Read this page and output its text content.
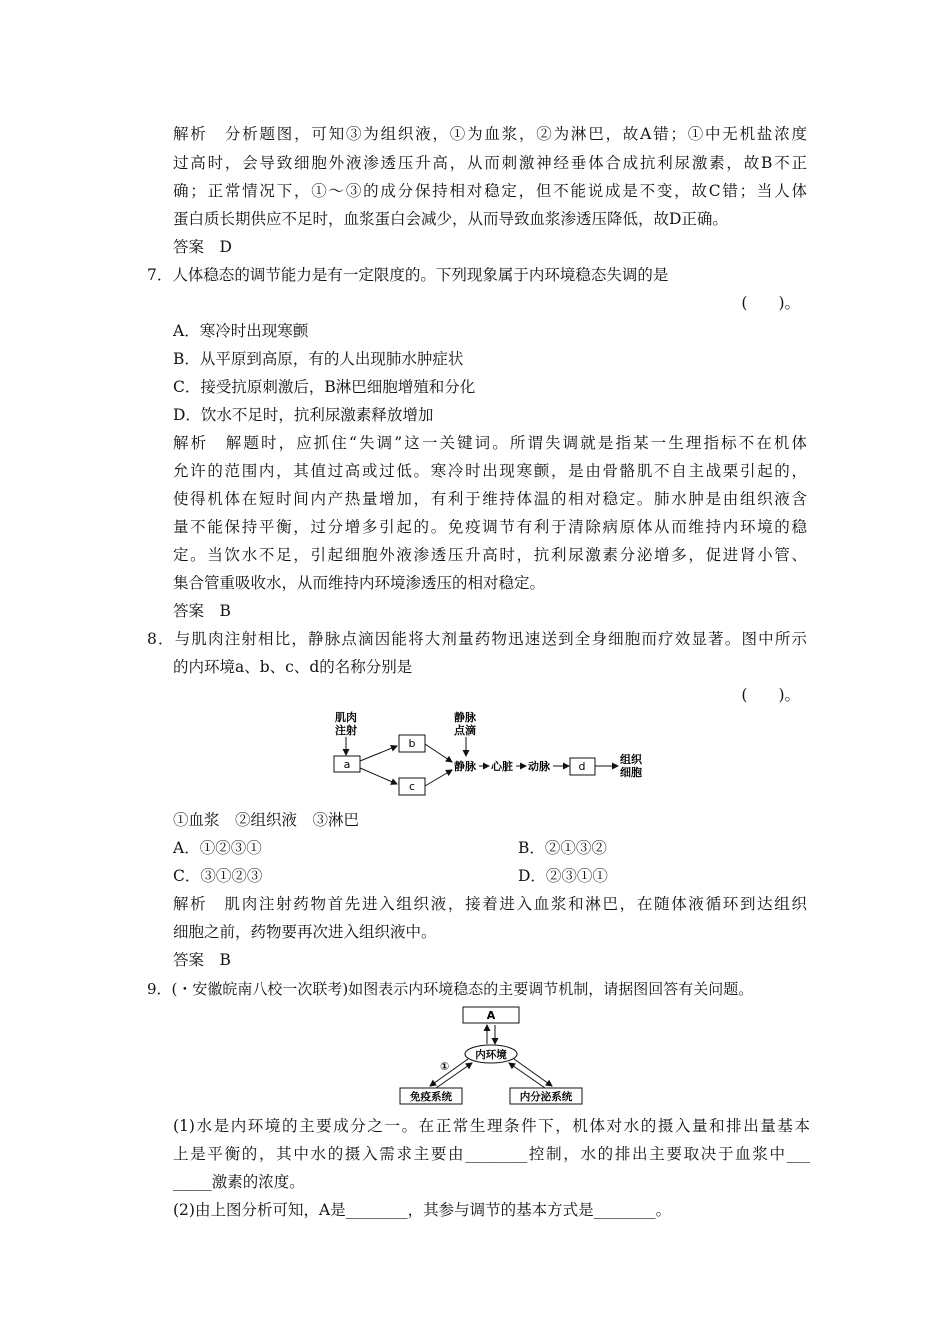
解析　分析题图，可知③为组织液，①为血浆，②为淋巴，故A错；①中无机盐浓度
过高时，会导致细胞外液渗透压升高，从而刺激神经垂体合成抗利尿激素，故B不正
确；正常情况下，①～③的成分保持相对稳定，但不能说成是不变，故C错；当人体
蛋白质长期供应不足时，血浆蛋白会减少，从而导致血浆渗透压降低，故D正确。
答案　D
7．人体稳态的调节能力是有一定限度的。下列现象属于内环境稳态失调的是
(　　)。
A．寒冷时出现寒颤
B．从平原到高原，有的人出现肺水肿症状
C．接受抗原刺激后，B淋巴细胞增殖和分化
D．饮水不足时，抗利尿激素释放增加
解析　解题时，应抓住“失调”这一关键词。所谓失调就是指某一生理指标不在机体
允许的范围内，其值过高或过低。寒冷时出现寒颤，是由骨骼肌不自主战栗引起的，
使得机体在短时间内产热量增加，有利于维持体温的相对稳定。肺水肿是由组织液含
量不能保持平衡，过分增多引起的。免疫调节有利于清除病原体从而维持内环境的稳
定。当饮水不足，引起细胞外液渗透压升高时，抗利尿激素分泌增多，促进肾小管、
集合管重吸收水，从而维持内环境渗透压的相对稳定。
答案　B
8．与肌肉注射相比，静脉点滴因能将大剂量药物迅速送到全身细胞而疗效显著。图中所示
的内环境a、b、c、d的名称分别是
(　　)。
肌肉
注射
a
b
c
静脉
点滴
静脉 心脏 动脉	d
组织
细胞
①血浆　②组织液　③淋巴
A．①②③①	B．②①③②
C．③①②③	D．②③①①
解析　肌肉注射药物首先进入组织液，接着进入血浆和淋巴，在随体液循环到达组织
细胞之前，药物要再次进入组织液中。
答案　B
9．(・安徽皖南八校一次联考)如图表示内环境稳态的主要调节机制，请据图回答有关问题。
A
内环境
①
免疫系统	内分泌系统
(1)水是内环境的主要成分之一。在正常生理条件下，机体对水的摄入量和排出量基本
上是平衡的，其中水的摄入需求主要由________控制，水的排出主要取决于血浆中___
_____激素的浓度。
(2)由上图分析可知，A是________，其参与调节的基本方式是________。
